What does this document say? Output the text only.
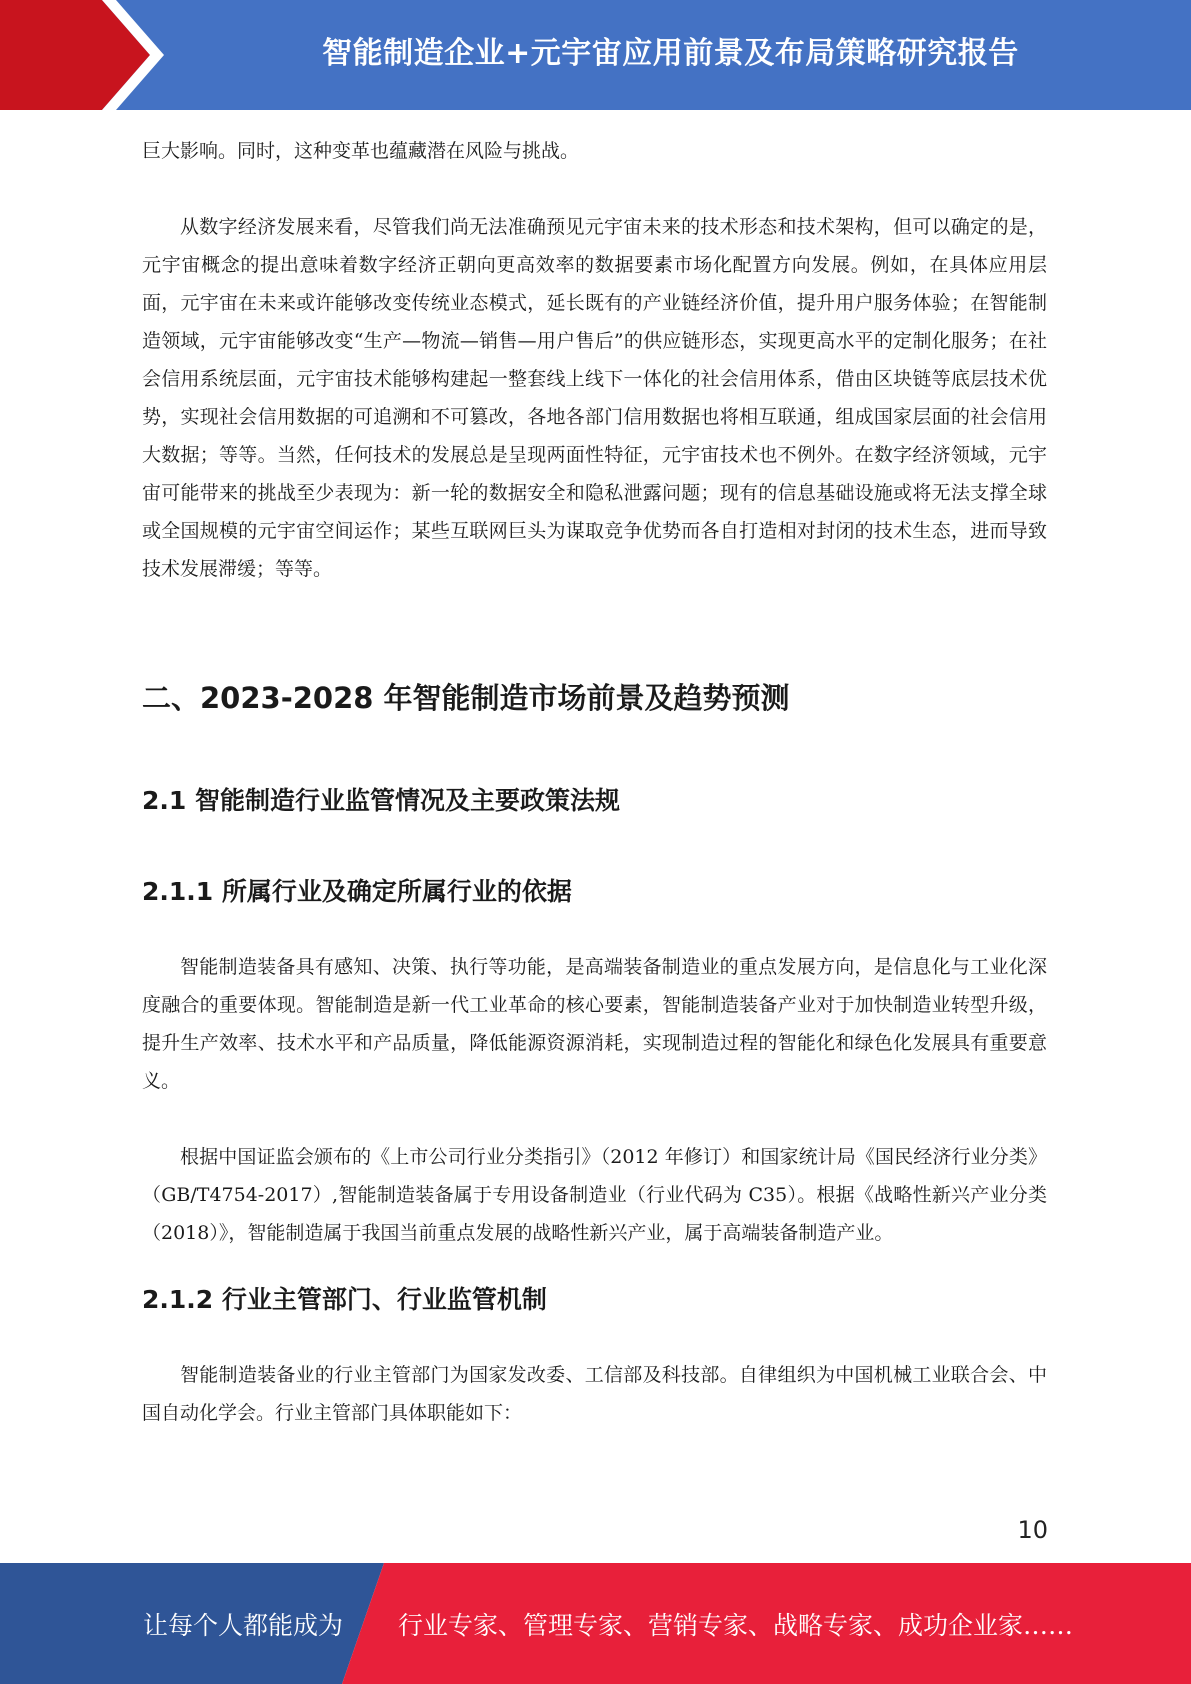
智能制造企业+元宇宙应用前景及布局策略研究报告

巨大影响。同时，这种变革也蕴藏潜在风险与挑战。

从数字经济发展来看，尽管我们尚无法准确预见元宇宙未来的技术形态和技术架构，但可以确定的是，元宇宙概念的提出意味着数字经济正朝向更高效率的数据要素市场化配置方向发展。例如，在具体应用层面，元宇宙在未来或许能够改变传统业态模式，延长既有的产业链经济价值，提升用户服务体验；在智能制造领域，元宇宙能够改变“生产—物流—销售—用户售后”的供应链形态，实现更高水平的定制化服务；在社会信用系统层面，元宇宙技术能够构建起一整套线上线下一体化的社会信用体系，借由区块链等底层技术优势，实现社会信用数据的可追溯和不可篡改，各地各部门信用数据也将相互联通，组成国家层面的社会信用大数据；等等。当然，任何技术的发展总是呈现两面性特征，元宇宙技术也不例外。在数字经济领域，元宇宙可能带来的挑战至少表现为：新一轮的数据安全和隐私泄露问题；现有的信息基础设施或将无法支撑全球或全国规模的元宇宙空间运作；某些互联网巨头为谋取竞争优势而各自打造相对封闭的技术生态，进而导致技术发展滞缓；等等。

二、2023-2028 年智能制造市场前景及趋势预测
2.1 智能制造行业监管情况及主要政策法规
2.1.1 所属行业及确定所属行业的依据

智能制造装备具有感知、决策、执行等功能，是高端装备制造业的重点发展方向，是信息化与工业化深度融合的重要体现。智能制造是新一代工业革命的核心要素，智能制造装备产业对于加快制造业转型升级，提升生产效率、技术水平和产品质量，降低能源资源消耗，实现制造过程的智能化和绿色化发展具有重要意义。

根据中国证监会颁布的《上市公司行业分类指引》（2012 年修订）和国家统计局《国民经济行业分类》（GB/T4754-2017）,智能制造装备属于专用设备制造业（行业代码为 C35）。根据《战略性新兴产业分类（2018）》，智能制造属于我国当前重点发展的战略性新兴产业，属于高端装备制造产业。

2.1.2 行业主管部门、行业监管机制

智能制造装备业的行业主管部门为国家发改委、工信部及科技部。自律组织为中国机械工业联合会、中国自动化学会。行业主管部门具体职能如下：

10
让每个人都能成为 行业专家、管理专家、营销专家、战略专家、成功企业家……
